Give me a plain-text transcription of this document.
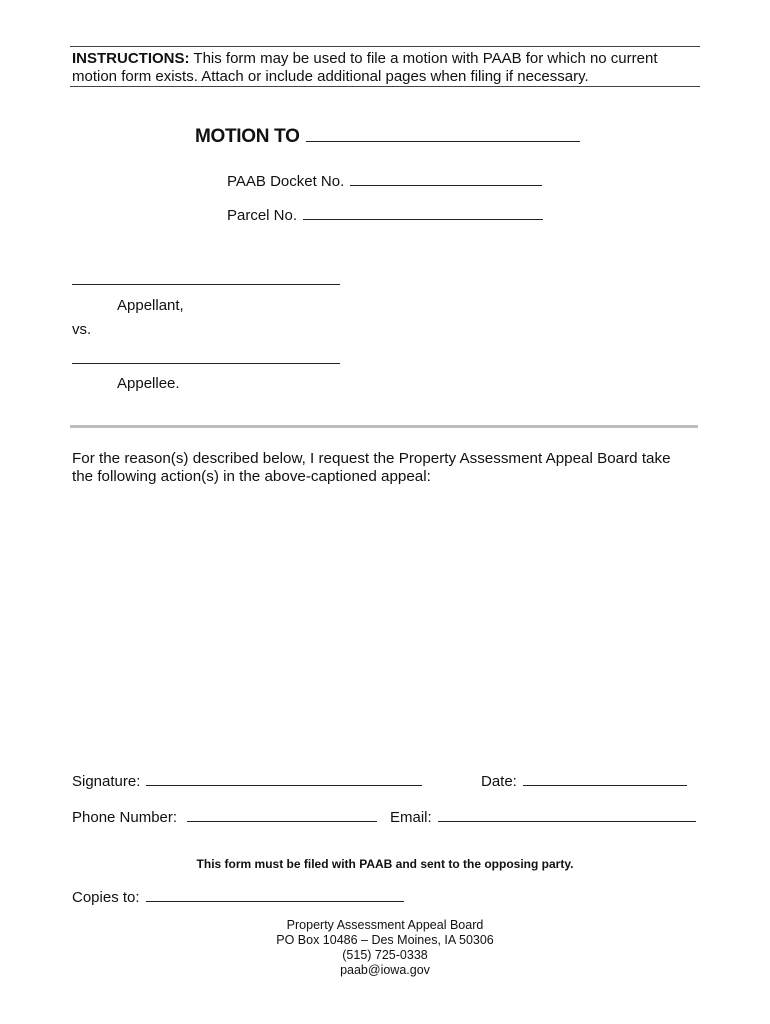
INSTRUCTIONS: This form may be used to file a motion with PAAB for which no current
motion form exists. Attach or include additional pages when filing if necessary.
MOTION TO
PAAB Docket No.
Parcel No.
Appellant,
vs.
Appellee.
For the reason(s) described below, I request the Property Assessment Appeal Board take
the following action(s) in the above-captioned appeal:
Signature:	Date:
Phone Number:	Email:
This form must be filed with PAAB and sent to the opposing party.
Copies to:
Property Assessment Appeal Board
PO Box 10486 – Des Moines, IA 50306
(515) 725-0338
paab@iowa.gov
